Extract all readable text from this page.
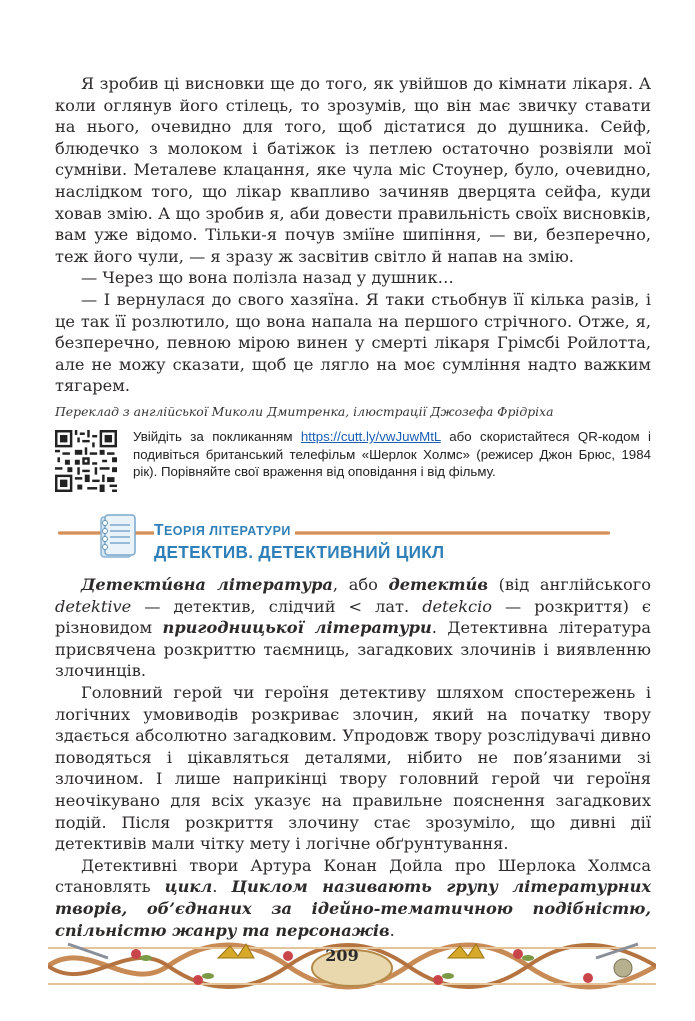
Я зробив ці висновки ще до того, як увійшов до кімнати лікаря. А коли оглянув його стілець, то зрозумів, що він має звичку ставати на нього, очевидно для того, щоб дістатися до душника. Сейф, блюдечко з молоком і батіжок із петлею остаточно розвіяли мої сумніви. Металеве клацання, яке чула міс Стоунер, було, очевидно, наслідком того, що лікар квапливо зачиняв дверцята сейфа, куди ховав змію. А що зробив я, аби довести правильність своїх висновків, вам уже відомо. Тільки-я почув зміїне шипіння, — ви, безперечно, теж його чули, — я зразу ж засвітив світло й напав на змію.

— Через що вона полізла назад у душник…

— І вернулася до свого хазяїна. Я таки стьобнув її кілька разів, і це так її розлютило, що вона напала на першого стрічного. Отже, я, безперечно, певною мірою винен у смерті лікаря Грімсбі Ройлотта, але не можу сказати, щоб це лягло на моє сумління надто важким тягарем.

Переклад з англійської Миколи Дмитренка, ілюстрації Джозефа Фрідріха
Увійдіть за покликанням https://cutt.ly/vwJuwMtL або скористайтеся QR-кодом і подивіться британський телефільм «Шерлок Холмс» (режисер Джон Брюс, 1984 рік). Порівняйте свої враження від оповідання і від фільму.
ТЕОРІЯ ЛІТЕРАТУРИ
ДЕТЕКТИВ. ДЕТЕКТИВНИЙ ЦИКЛ

Детекти́вна література, або детекти́в (від англійського detektive — детектив, слідчий < лат. detekcio — розкриття) є різновидом пригодницької літератури. Детективна література присвячена розкриттю таємниць, загадкових злочинів і виявленню злочинців.

Головний герой чи героїня детективу шляхом спостережень і логічних умовиводів розкриває злочин, який на початку твору здається абсолютно загадковим. Упродовж твору розслідувачі дивно поводяться і цікавляться деталями, нібито не пов’язаними зі злочином. І лише наприкінці твору головний герой чи героїня неочікувано для всіх указує на правильне пояснення загадкових подій. Після розкриття злочину стає зрозуміло, що дивні дії детективів мали чітку мету і логічне обґрунтування.

Детективні твори Артура Конан Дойла про Шерлока Холмса становлять цикл. Циклом називають групу літературних творів, об’єднаних за ідейно-тематичною подібністю, спільністю жанру та персонажів.

209
